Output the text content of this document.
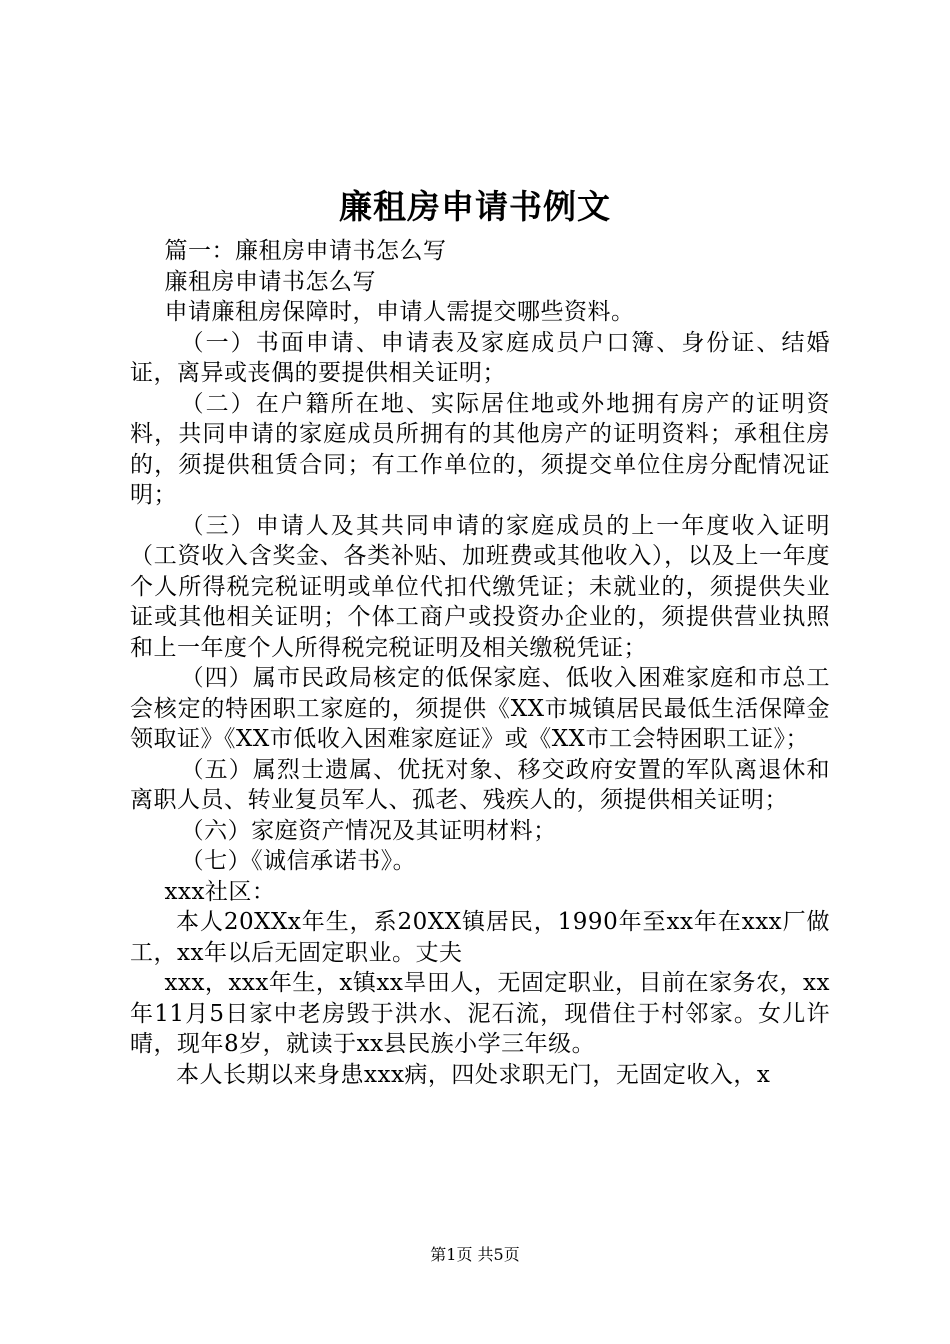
廉租房申请书例文

篇一：廉租房申请书怎么写

廉租房申请书怎么写

申请廉租房保障时，申请人需提交哪些资料。

（一）书面申请、申请表及家庭成员户口簿、身份证、结婚证，离异或丧偶的要提供相关证明；

（二）在户籍所在地、实际居住地或外地拥有房产的证明资料，共同申请的家庭成员所拥有的其他房产的证明资料；承租住房的，须提供租赁合同；有工作单位的，须提交单位住房分配情况证明；

（三）申请人及其共同申请的家庭成员的上一年度收入证明（工资收入含奖金、各类补贴、加班费或其他收入），以及上一年度个人所得税完税证明或单位代扣代缴凭证；未就业的，须提供失业证或其他相关证明；个体工商户或投资办企业的，须提供营业执照和上一年度个人所得税完税证明及相关缴税凭证；

（四）属市民政局核定的低保家庭、低收入困难家庭和市总工会核定的特困职工家庭的，须提供《XX市城镇居民最低生活保障金领取证》《XX市低收入困难家庭证》或《XX市工会特困职工证》；

（五）属烈士遗属、优抚对象、移交政府安置的军队离退休和离职人员、转业复员军人、孤老、残疾人的，须提供相关证明；

（六）家庭资产情况及其证明材料；

（七）《诚信承诺书》。

xxx社区：

本人20XXx年生，系20XX镇居民，1990年至xx年在xxx厂做工，xx年以后无固定职业。丈夫

xxx，xxx年生，x镇xx旱田人，无固定职业，目前在家务农，xx年11月5日家中老房毁于洪水、泥石流，现借住于村邻家。女儿许晴，现年8岁，就读于xx县民族小学三年级。

本人长期以来身患xxx病，四处求职无门，无固定收入，x

第1页 共5页
